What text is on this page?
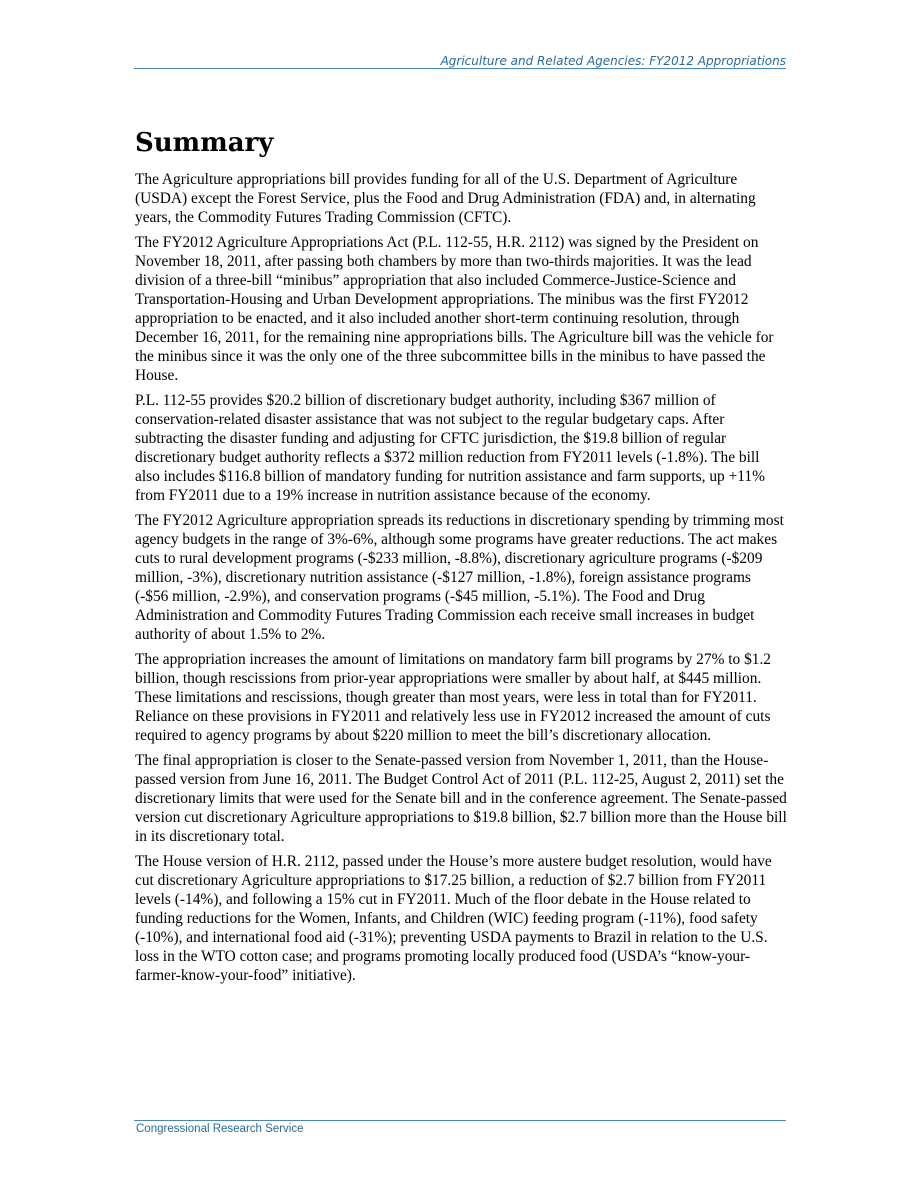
Agriculture and Related Agencies: FY2012 Appropriations
Summary

The Agriculture appropriations bill provides funding for all of the U.S. Department of Agriculture (USDA) except the Forest Service, plus the Food and Drug Administration (FDA) and, in alternating years, the Commodity Futures Trading Commission (CFTC).

The FY2012 Agriculture Appropriations Act (P.L. 112-55, H.R. 2112) was signed by the President on November 18, 2011, after passing both chambers by more than two-thirds majorities. It was the lead division of a three-bill “minibus” appropriation that also included Commerce-Justice-Science and Transportation-Housing and Urban Development appropriations. The minibus was the first FY2012 appropriation to be enacted, and it also included another short-term continuing resolution, through December 16, 2011, for the remaining nine appropriations bills. The Agriculture bill was the vehicle for the minibus since it was the only one of the three subcommittee bills in the minibus to have passed the House.

P.L. 112-55 provides $20.2 billion of discretionary budget authority, including $367 million of conservation-related disaster assistance that was not subject to the regular budgetary caps. After subtracting the disaster funding and adjusting for CFTC jurisdiction, the $19.8 billion of regular discretionary budget authority reflects a $372 million reduction from FY2011 levels (-1.8%). The bill also includes $116.8 billion of mandatory funding for nutrition assistance and farm supports, up +11% from FY2011 due to a 19% increase in nutrition assistance because of the economy.

The FY2012 Agriculture appropriation spreads its reductions in discretionary spending by trimming most agency budgets in the range of 3%-6%, although some programs have greater reductions. The act makes cuts to rural development programs (-$233 million, -8.8%), discretionary agriculture programs (-$209 million, -3%), discretionary nutrition assistance (-$127 million, -1.8%), foreign assistance programs (-$56 million, -2.9%), and conservation programs (-$45 million, -5.1%). The Food and Drug Administration and Commodity Futures Trading Commission each receive small increases in budget authority of about 1.5% to 2%.

The appropriation increases the amount of limitations on mandatory farm bill programs by 27% to $1.2 billion, though rescissions from prior-year appropriations were smaller by about half, at $445 million. These limitations and rescissions, though greater than most years, were less in total than for FY2011. Reliance on these provisions in FY2011 and relatively less use in FY2012 increased the amount of cuts required to agency programs by about $220 million to meet the bill’s discretionary allocation.

The final appropriation is closer to the Senate-passed version from November 1, 2011, than the House-passed version from June 16, 2011. The Budget Control Act of 2011 (P.L. 112-25, August 2, 2011) set the discretionary limits that were used for the Senate bill and in the conference agreement. The Senate-passed version cut discretionary Agriculture appropriations to $19.8 billion, $2.7 billion more than the House bill in its discretionary total.

The House version of H.R. 2112, passed under the House’s more austere budget resolution, would have cut discretionary Agriculture appropriations to $17.25 billion, a reduction of $2.7 billion from FY2011 levels (-14%), and following a 15% cut in FY2011. Much of the floor debate in the House related to funding reductions for the Women, Infants, and Children (WIC) feeding program (-11%), food safety (-10%), and international food aid (-31%); preventing USDA payments to Brazil in relation to the U.S. loss in the WTO cotton case; and programs promoting locally produced food (USDA’s “know-your-farmer-know-your-food” initiative).

Congressional Research Service
